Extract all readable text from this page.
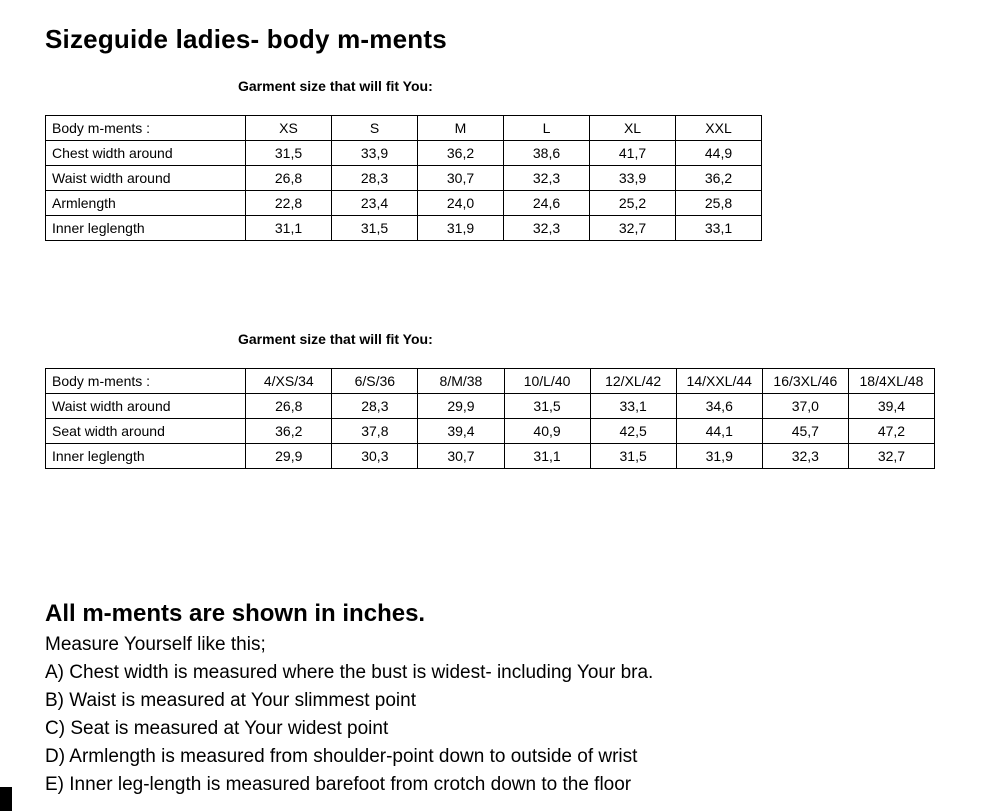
Sizeguide ladies- body m-ments
Garment size that will fit You:
Body m-ments :	XS	S	M	L	XL	XXL
Chest width around	31,5	33,9	36,2	38,6	41,7	44,9
Waist width around	26,8	28,3	30,7	32,3	33,9	36,2
Armlength	22,8	23,4	24,0	24,6	25,2	25,8
Inner leglength	31,1	31,5	31,9	32,3	32,7	33,1
Garment size that will fit You:
Body m-ments :	4/XS/34	6/S/36	8/M/38	10/L/40	12/XL/42	14/XXL/44	16/3XL/46	18/4XL/48
Waist width around	26,8	28,3	29,9	31,5	33,1	34,6	37,0	39,4
Seat width around	36,2	37,8	39,4	40,9	42,5	44,1	45,7	47,2
Inner leglength	29,9	30,3	30,7	31,1	31,5	31,9	32,3	32,7
All m-ments are shown in inches.
Measure Yourself like this;
A) Chest width is measured where the bust is widest- including Your bra.
B) Waist is measured at Your slimmest point
C) Seat is measured at Your widest point
D) Armlength is measured from shoulder-point down to outside of wrist
E) Inner leg-length is measured barefoot from crotch down to the floor
